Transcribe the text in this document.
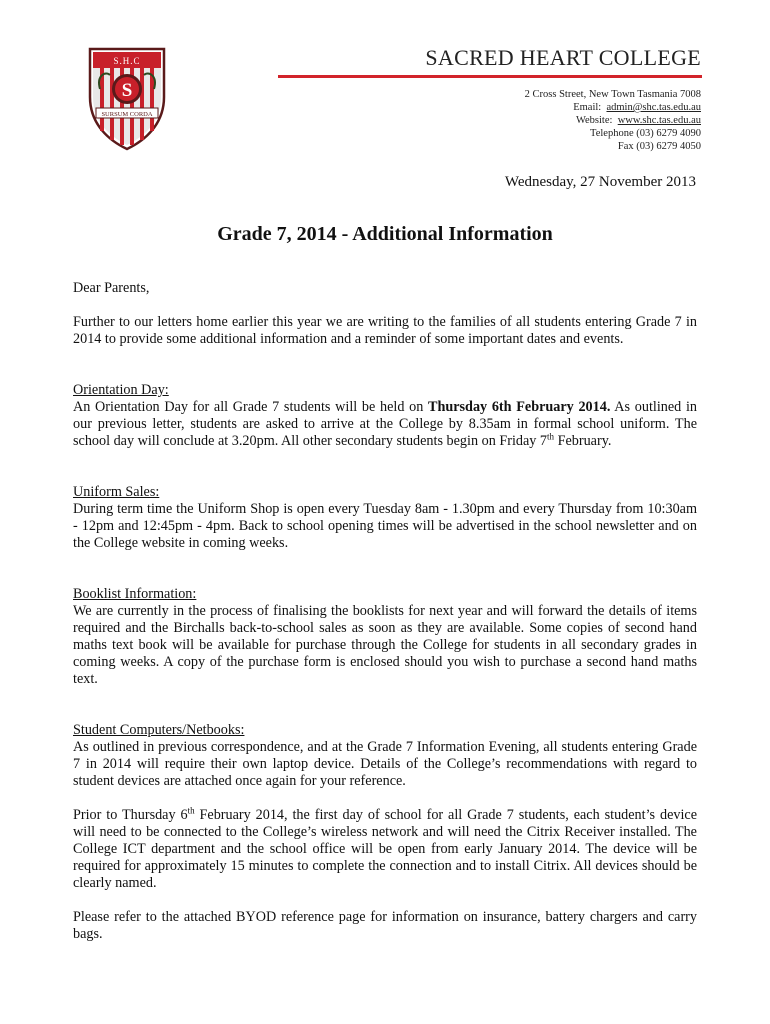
S.H.C
S
SURSUM CORDA
SACRED HEART COLLEGE
2 Cross Street, New Town Tasmania 7008
Email: admin@shc.tas.edu.au
Website: www.shc.tas.edu.au
Telephone (03) 6279 4090
Fax (03) 6279 4050
Wednesday, 27 November 2013
Grade 7, 2014 - Additional Information

Dear Parents,

Further to our letters home earlier this year we are writing to the families of all students entering Grade 7 in 2014 to provide some additional information and a reminder of some important dates and events.

Orientation Day:

An Orientation Day for all Grade 7 students will be held on Thursday 6th February 2014. As outlined in our previous letter, students are asked to arrive at the College by 8.35am in formal school uniform. The school day will conclude at 3.20pm. All other secondary students begin on Friday 7th February.

Uniform Sales:

During term time the Uniform Shop is open every Tuesday 8am - 1.30pm and every Thursday from 10:30am - 12pm and 12:45pm - 4pm. Back to school opening times will be advertised in the school newsletter and on the College website in coming weeks.

Booklist Information:

We are currently in the process of finalising the booklists for next year and will forward the details of items required and the Birchalls back-to-school sales as soon as they are available. Some copies of second hand maths text book will be available for purchase through the College for students in all secondary grades in coming weeks. A copy of the purchase form is enclosed should you wish to purchase a second hand maths text.

Student Computers/Netbooks:

As outlined in previous correspondence, and at the Grade 7 Information Evening, all students entering Grade 7 in 2014 will require their own laptop device. Details of the College’s recommendations with regard to student devices are attached once again for your reference.

Prior to Thursday 6th February 2014, the first day of school for all Grade 7 students, each student’s device will need to be connected to the College’s wireless network and will need the Citrix Receiver installed. The College ICT department and the school office will be open from early January 2014. The device will be required for approximately 15 minutes to complete the connection and to install Citrix. All devices should be clearly named.

Please refer to the attached BYOD reference page for information on insurance, battery chargers and carry bags.
